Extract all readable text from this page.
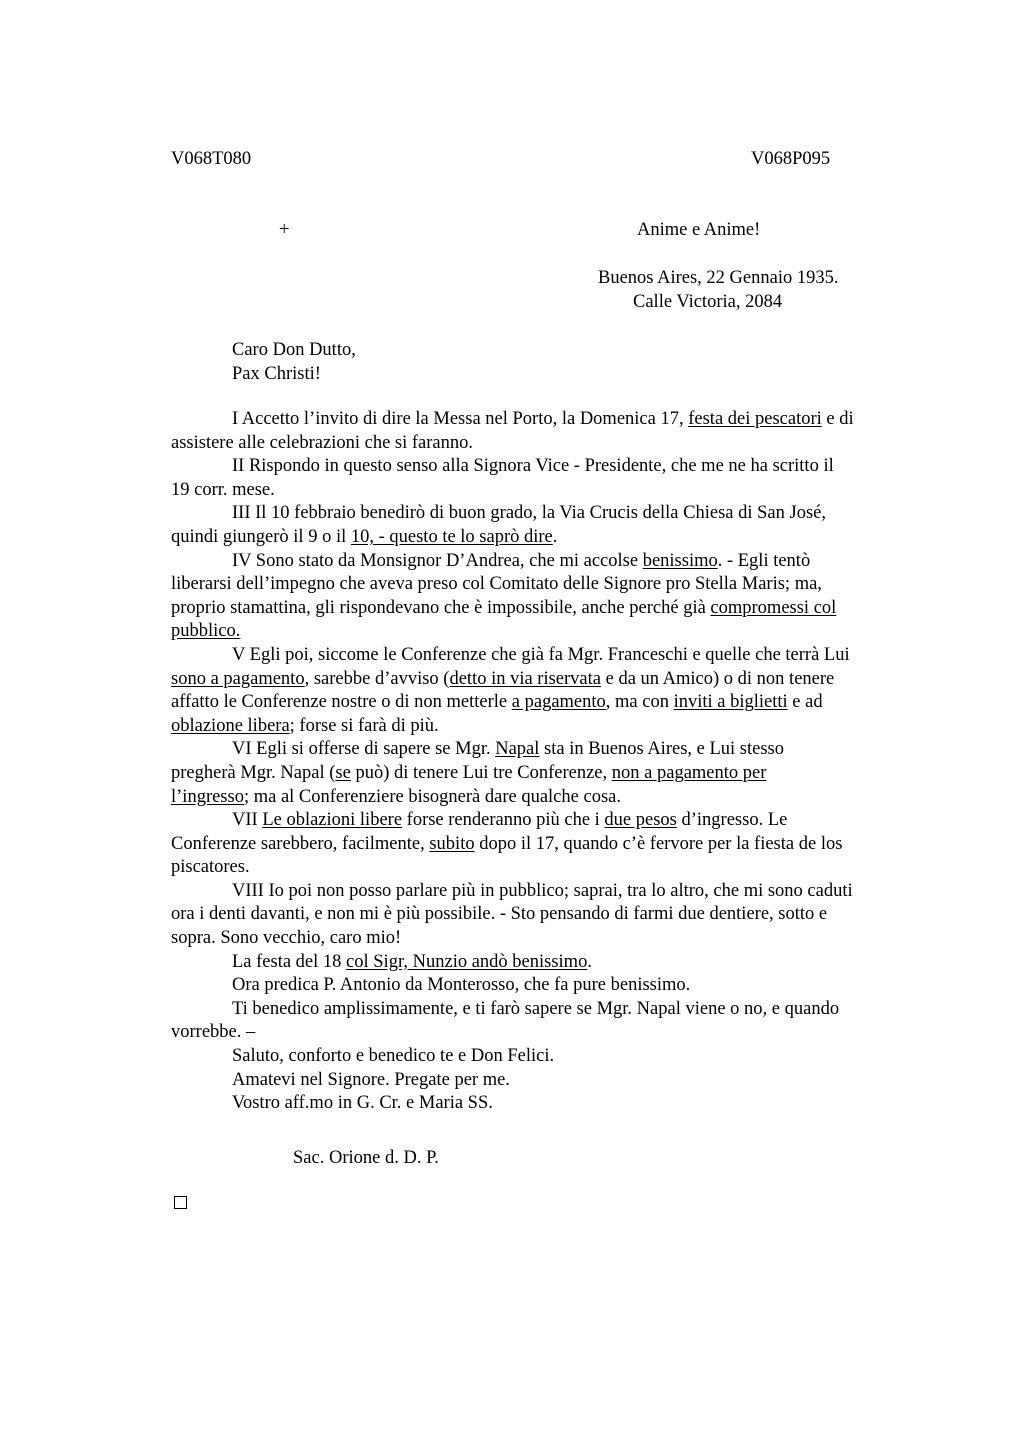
V068T080	V068P095
+	Anime e Anime!
Buenos Aires, 22 Gennaio 1935.
Calle Victoria, 2084
Caro Don Dutto,
Pax Christi!
I Accetto l’invito di dire la Messa nel Porto, la Domenica 17, festa dei pescatori e di
assistere alle celebrazioni che si faranno.
II Rispondo in questo senso alla Signora Vice - Presidente, che me ne ha scritto il
19 corr. mese.
III Il 10 febbraio benedirò di buon grado, la Via Crucis della Chiesa di San José,
quindi giungerò il 9 o il 10, - questo te lo saprò dire.
IV Sono stato da Monsignor D’Andrea, che mi accolse benissimo. - Egli tentò
liberarsi dell’impegno che aveva preso col Comitato delle Signore pro Stella Maris; ma,
proprio stamattina, gli rispondevano che è impossibile, anche perché già compromessi col
pubblico.
V Egli poi, siccome le Conferenze che già fa Mgr. Franceschi e quelle che terrà Lui
sono a pagamento, sarebbe d’avviso (detto in via riservata e da un Amico) o di non tenere
affatto le Conferenze nostre o di non metterle a pagamento, ma con inviti a biglietti e ad
oblazione libera; forse si farà di più.
VI Egli si offerse di sapere se Mgr. Napal sta in Buenos Aires, e Lui stesso
pregherà Mgr. Napal (se può) di tenere Lui tre Conferenze, non a pagamento per
l’ingresso; ma al Conferenziere bisognerà dare qualche cosa.
VII Le oblazioni libere forse renderanno più che i due pesos d’ingresso. Le
Conferenze sarebbero, facilmente, subito dopo il 17, quando c’è fervore per la fiesta de los
piscatores.
VIII Io poi non posso parlare più in pubblico; saprai, tra lo altro, che mi sono caduti
ora i denti davanti, e non mi è più possibile. - Sto pensando di farmi due dentiere, sotto e
sopra. Sono vecchio, caro mio!
La festa del 18 col Sigr, Nunzio andò benissimo.
Ora predica P. Antonio da Monterosso, che fa pure benissimo.
Ti benedico amplissimamente, e ti farò sapere se Mgr. Napal viene o no, e quando
vorrebbe. –
Saluto, conforto e benedico te e Don Felici.
Amatevi nel Signore. Pregate per me.
Vostro aff.mo in G. Cr. e Maria SS.
Sac. Orione d. D. P.
